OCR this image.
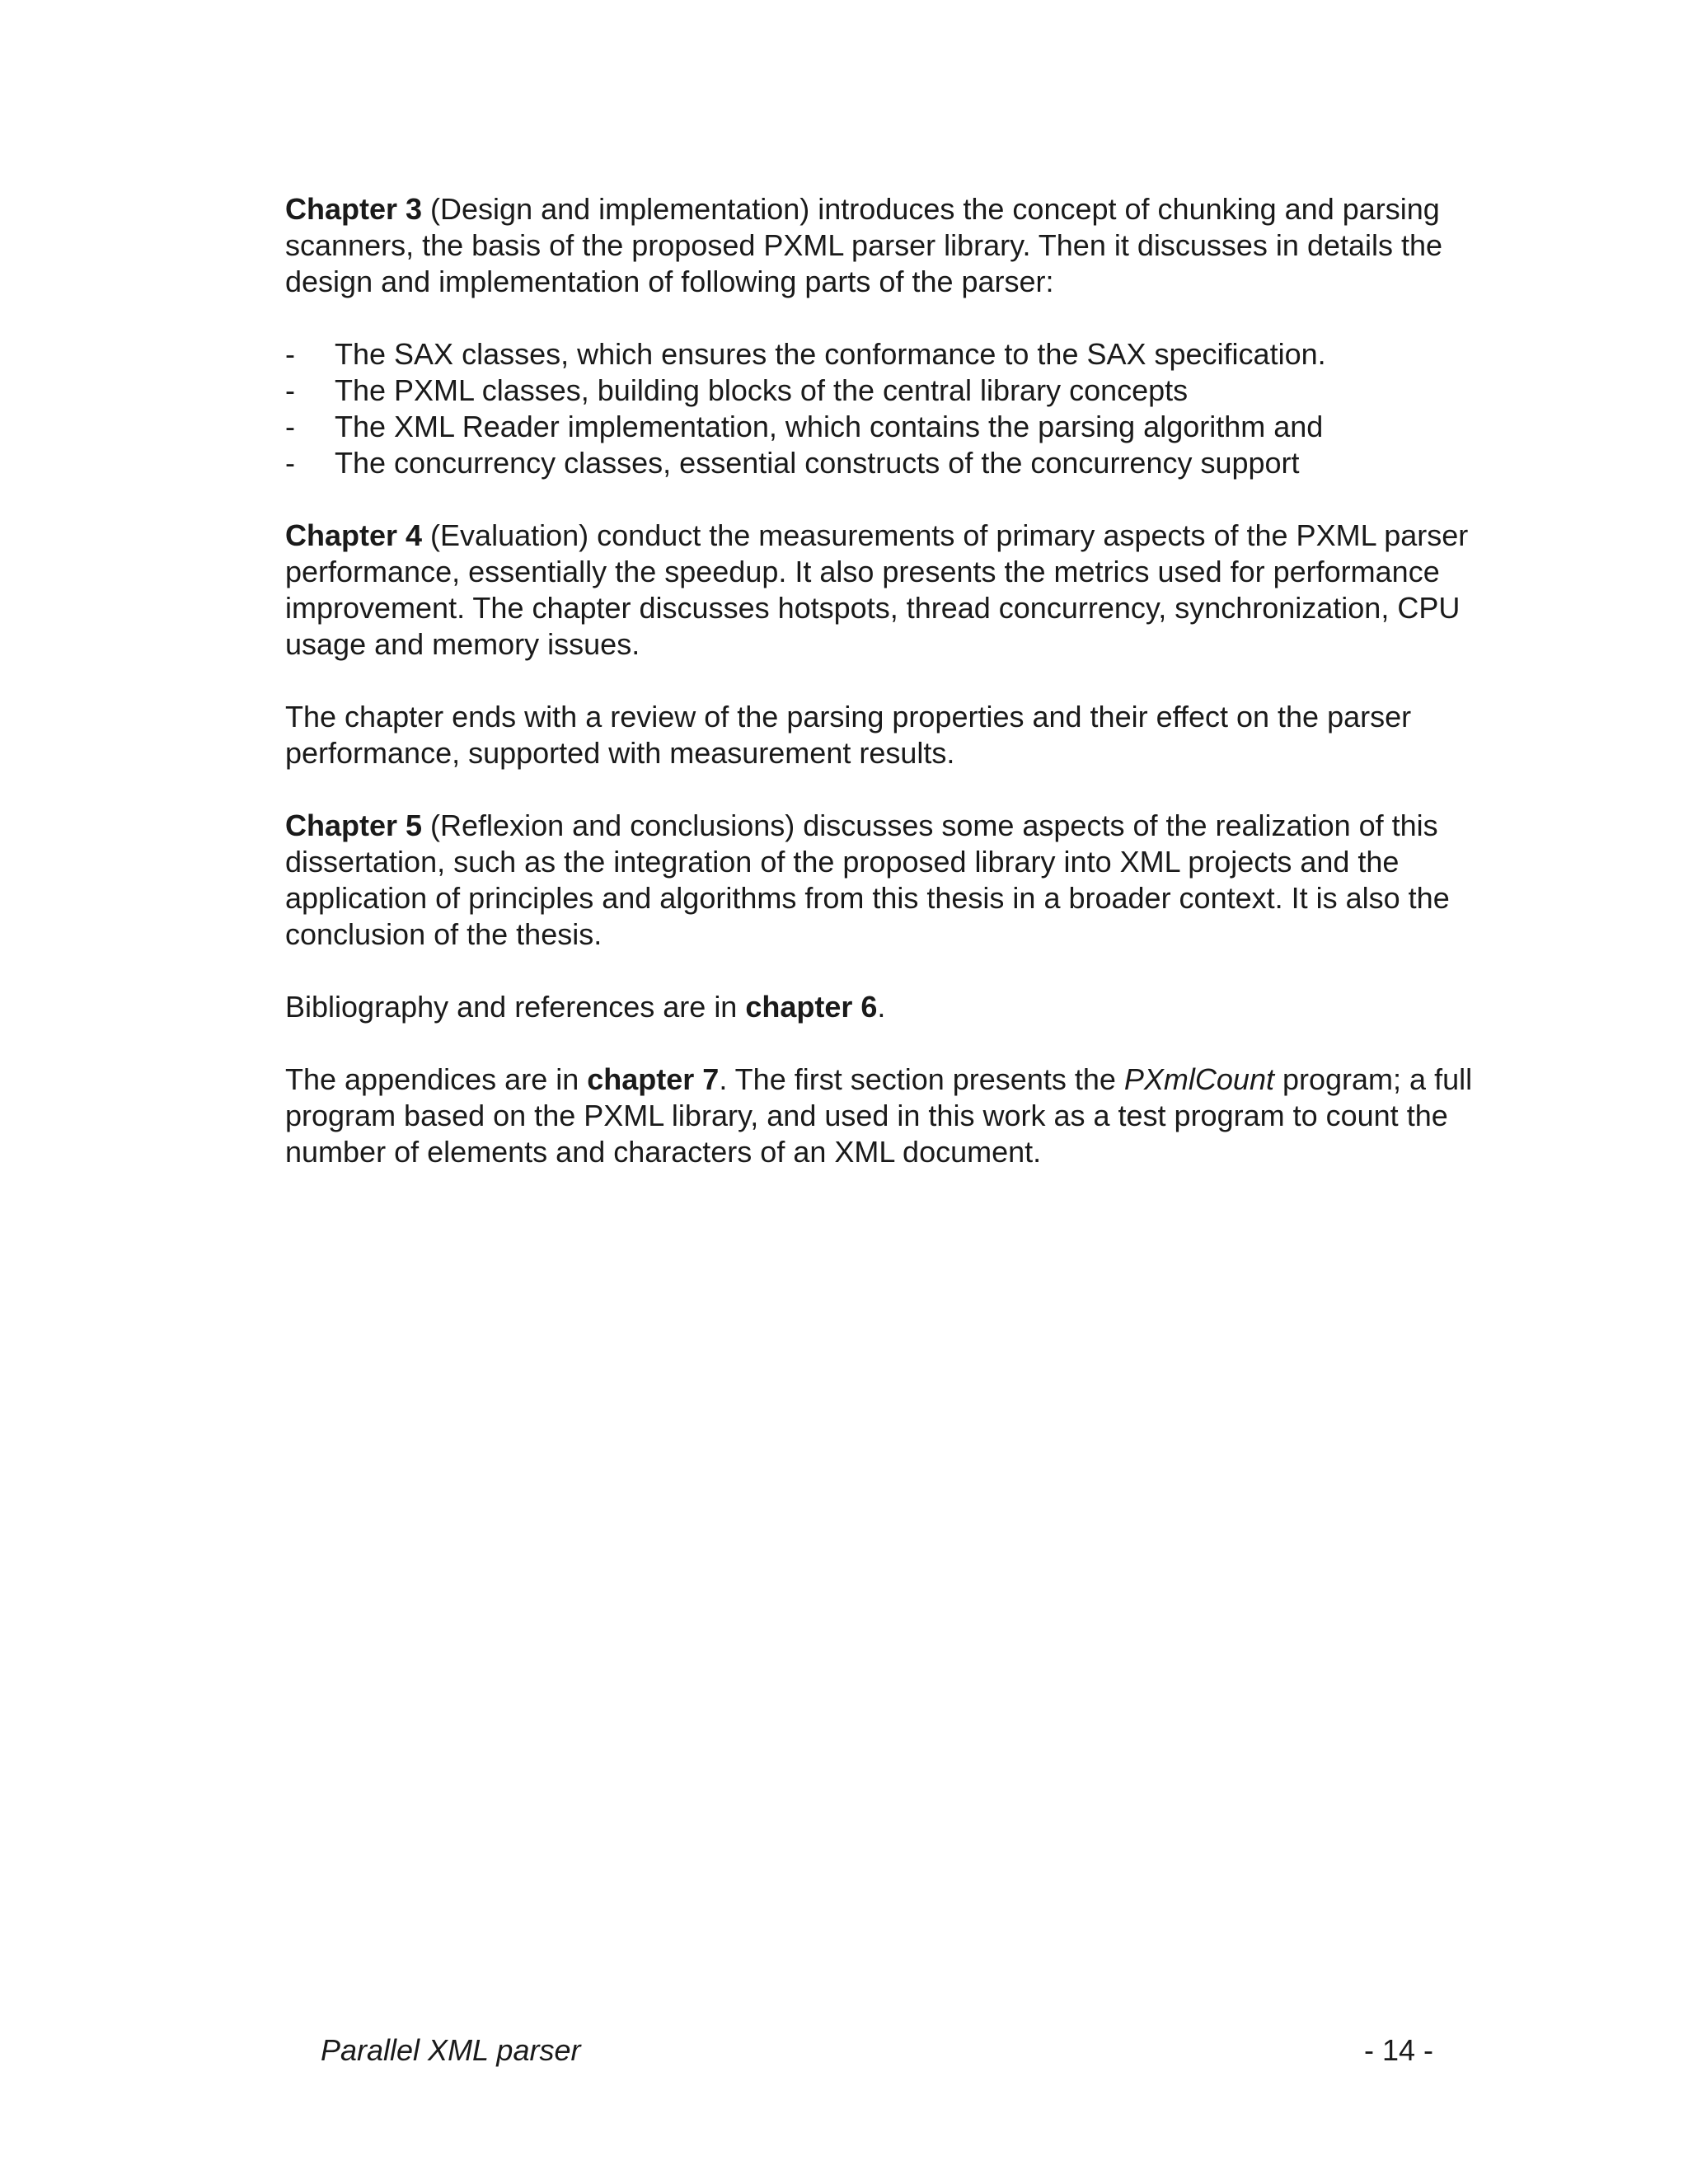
Chapter 3 (Design and implementation) introduces the concept of chunking and parsing scanners, the basis of the proposed PXML parser library. Then it discusses in details the design and implementation of following parts of the parser:

- The SAX classes, which ensures the conformance to the SAX specification.
- The PXML classes, building blocks of the central library concepts
- The XML Reader implementation, which contains the parsing algorithm and
- The concurrency classes, essential constructs of the concurrency support

Chapter 4 (Evaluation) conduct the measurements of primary aspects of the PXML parser performance, essentially the speedup. It also presents the metrics used for performance improvement. The chapter discusses hotspots, thread concurrency, synchronization, CPU usage and memory issues.

The chapter ends with a review of the parsing properties and their effect on the parser performance, supported with measurement results.

Chapter 5 (Reflexion and conclusions) discusses some aspects of the realization of this dissertation, such as the integration of the proposed library into XML projects and the application of principles and algorithms from this thesis in a broader context. It is also the conclusion of the thesis.

Bibliography and references are in chapter 6.

The appendices are in chapter 7. The first section presents the PXmlCount program; a full program based on the PXML library, and used in this work as a test program to count the number of elements and characters of an XML document.

Parallel XML parser	- 14 -
